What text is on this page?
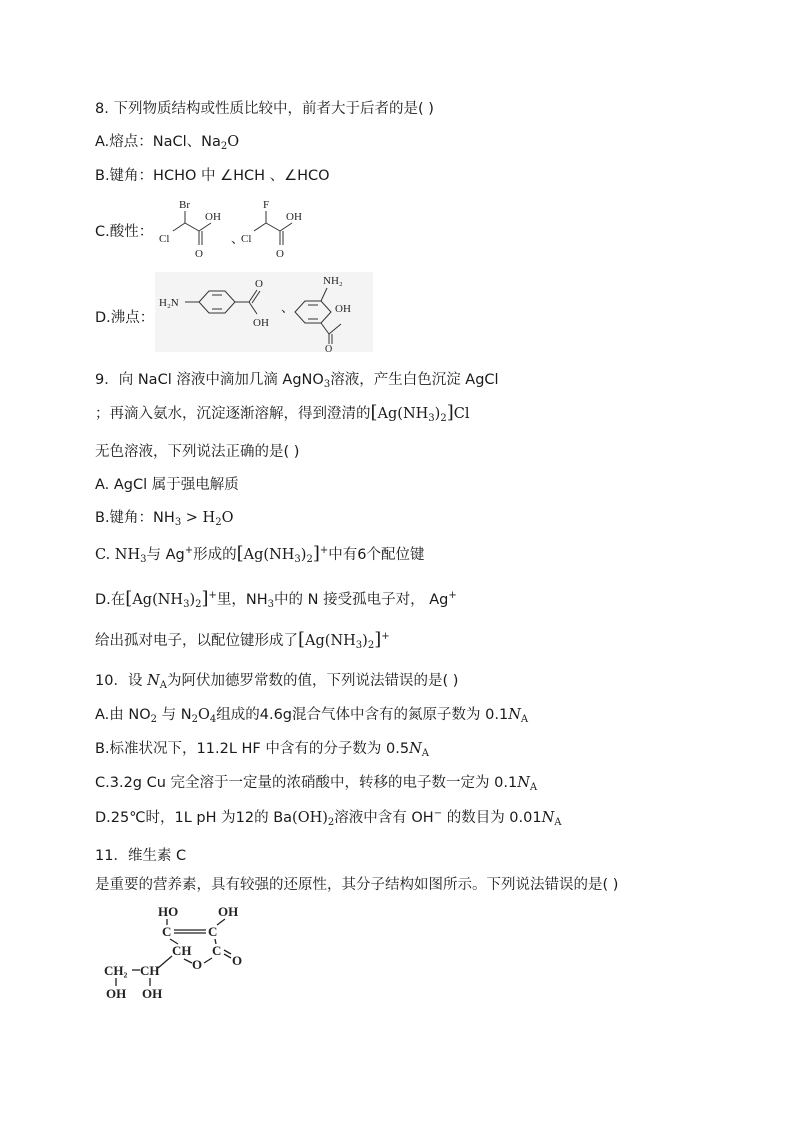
8. 下列物质结构或性质比较中，前者大于后者的是( )
A.熔点：NaCl、$Na_2O$
B.键角：HCHO 中 ∠HCH 、∠HCO
C.酸性：
Br
Cl
OH
O
、
F
Cl
OH
O
D.沸点：
H₂N
O
OH
、
NH₂
OH
O
9．向 NaCl 溶液中滴加几滴 AgNO$_3$溶液，产生白色沉淀 AgCl
；再滴入氨水，沉淀逐渐溶解，得到澄清的$[Ag(NH_3)_2]Cl$
无色溶液，下列说法正确的是( )
A. AgCl 属于强电解质
B.键角：$NH_3 > H_2O$
C. $NH_3$与 Ag+形成的$[Ag(NH_3)_2]^+$中有6个配位键
D.在$[Ag(NH_3)_2]^+$里，$NH_3$中的 N 接受孤电子对， Ag+
给出孤对电子，以配位键形成了$[Ag(NH_3)_2]^+$
10．设 $N_A$为阿伏加德罗常数的值，下列说法错误的是( )
A.由 $NO_2$ 与 $N_2O_4$组成的4.6g混合气体中含有的氮原子数为 $0.1N_A$
B.标准状况下，11.2L HF 中含有的分子数为 $0.5N_A$
C.3.2g Cu 完全溶于一定量的浓硝酸中，转移的电子数一定为 $0.1N_A$
D.25℃时，1L pH 为12的 $Ba(OH)_2$溶液中含有 OH− 的数目为 $0.01N_A$
11．维生素 C
是重要的营养素，具有较强的还原性，其分子结构如图所示。下列说法错误的是( )
HO	OH
C	C
CH C
O O
CH₂ CH
OH OH
